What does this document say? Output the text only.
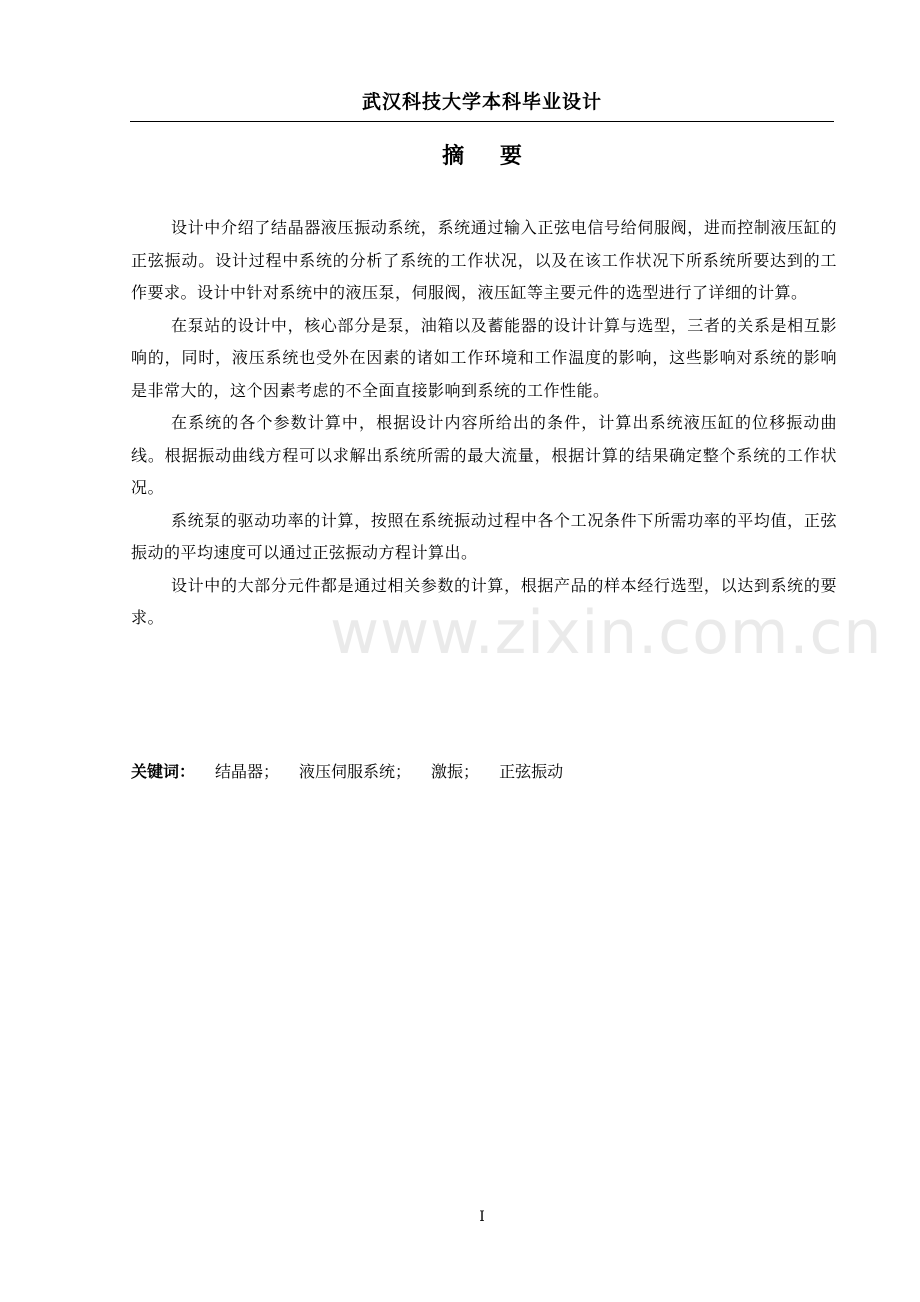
武汉科技大学本科毕业设计
摘 要

设计中介绍了结晶器液压振动系统，系统通过输入正弦电信号给伺服阀，进而控制液压缸的正弦振动。设计过程中系统的分析了系统的工作状况，以及在该工作状况下所系统所要达到的工作要求。设计中针对系统中的液压泵，伺服阀，液压缸等主要元件的选型进行了详细的计算。

在泵站的设计中，核心部分是泵，油箱以及蓄能器的设计计算与选型，三者的关系是相互影响的，同时，液压系统也受外在因素的诸如工作环境和工作温度的影响，这些影响对系统的影响是非常大的，这个因素考虑的不全面直接影响到系统的工作性能。

在系统的各个参数计算中，根据设计内容所给出的条件，计算出系统液压缸的位移振动曲线。根据振动曲线方程可以求解出系统所需的最大流量，根据计算的结果确定整个系统的工作状况。

系统泵的驱动功率的计算，按照在系统振动过程中各个工况条件下所需功率的平均值，正弦振动的平均速度可以通过正弦振动方程计算出。

设计中的大部分元件都是通过相关参数的计算，根据产品的样本经行选型，以达到系统的要求。

关键词： 结晶器； 液压伺服系统； 激振； 正弦振动
www.zixin.com.cn
I
